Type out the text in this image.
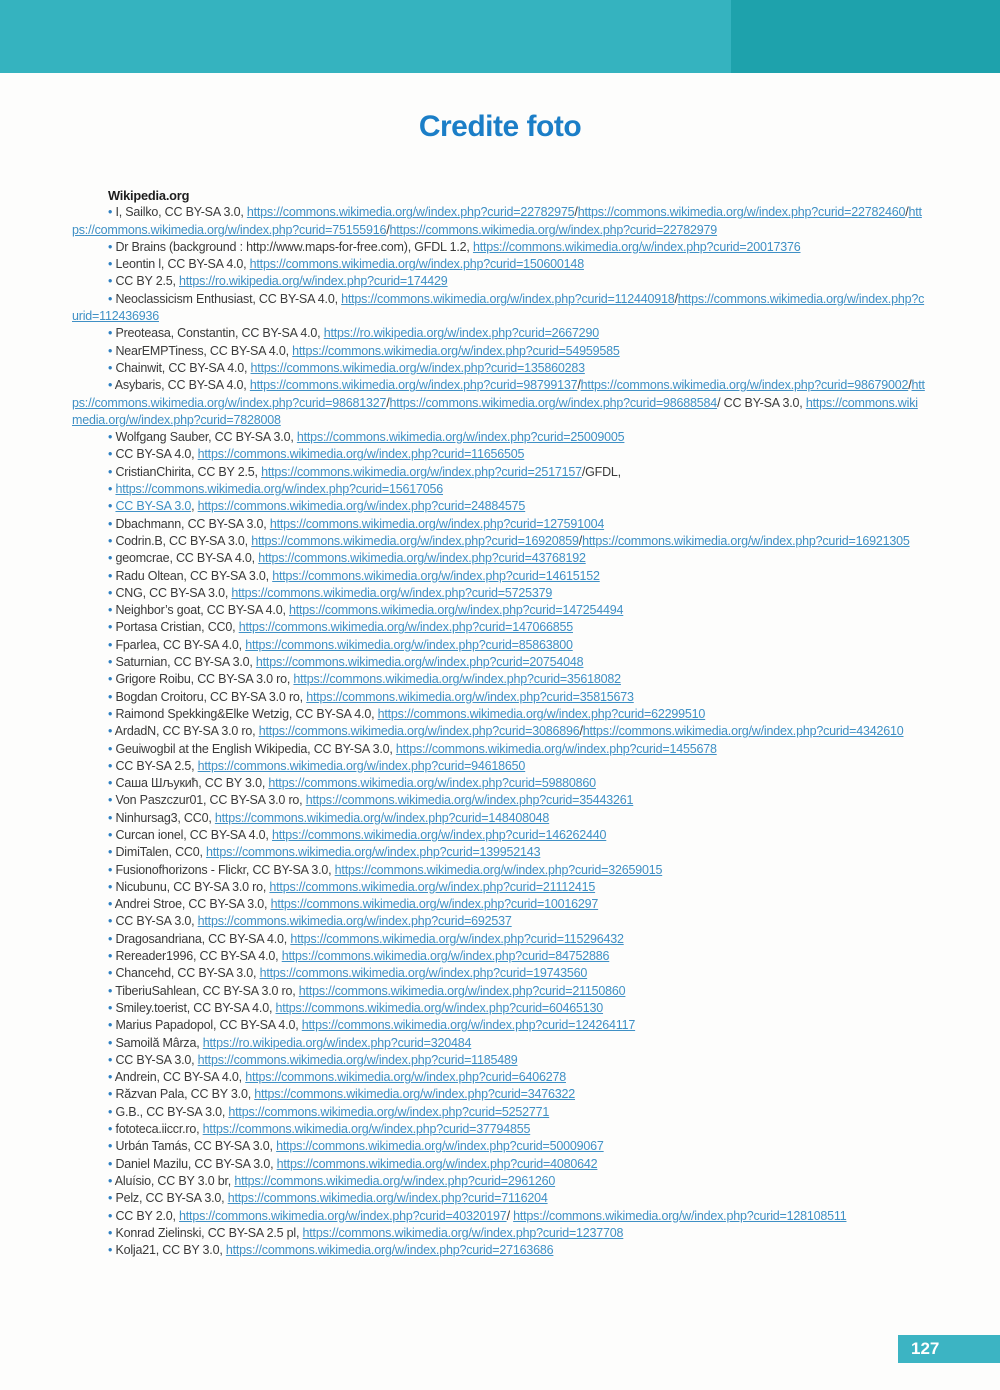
Credite foto

Wikipedia.org

• I, Sailko, CC BY-SA 3.0, https://commons.wikimedia.org/w/index.php?curid=22782975/https://commons.wikimedia.org/w/index.php?curid=22782460/https://commons.wikimedia.org/w/index.php?curid=75155916/https://commons.wikimedia.org/w/index.php?curid=22782979

• Dr Brains (background : http://www.maps-for-free.com), GFDL 1.2, https://commons.wikimedia.org/w/index.php?curid=20017376

• Leontin l, CC BY-SA 4.0, https://commons.wikimedia.org/w/index.php?curid=150600148

• CC BY 2.5, https://ro.wikipedia.org/w/index.php?curid=174429

• Neoclassicism Enthusiast, CC BY-SA 4.0, https://commons.wikimedia.org/w/index.php?curid=112440918/https://commons.wikimedia.org/w/index.php?curid=112436936

• Preoteasa, Constantin, CC BY-SA 4.0, https://ro.wikipedia.org/w/index.php?curid=2667290

• NearEMPTiness, CC BY-SA 4.0, https://commons.wikimedia.org/w/index.php?curid=54959585

• Chainwit, CC BY-SA 4.0, https://commons.wikimedia.org/w/index.php?curid=135860283

• Asybaris, CC BY-SA 4.0, https://commons.wikimedia.org/w/index.php?curid=98799137/https://commons.wikimedia.org/w/index.php?curid=98679002/https://commons.wikimedia.org/w/index.php?curid=98681327/https://commons.wikimedia.org/w/index.php?curid=98688584/ CC BY-SA 3.0, https://commons.wikimedia.org/w/index.php?curid=7828008

• Wolfgang Sauber, CC BY-SA 3.0, https://commons.wikimedia.org/w/index.php?curid=25009005

• CC BY-SA 4.0, https://commons.wikimedia.org/w/index.php?curid=11656505

• CristianChirita, CC BY 2.5, https://commons.wikimedia.org/w/index.php?curid=2517157/GFDL,

• https://commons.wikimedia.org/w/index.php?curid=15617056

• CC BY-SA 3.0, https://commons.wikimedia.org/w/index.php?curid=24884575

• Dbachmann, CC BY-SA 3.0, https://commons.wikimedia.org/w/index.php?curid=127591004

• Codrin.B, CC BY-SA 3.0, https://commons.wikimedia.org/w/index.php?curid=16920859/https://commons.wikimedia.org/w/index.php?curid=16921305

• geomcrae, CC BY-SA 4.0, https://commons.wikimedia.org/w/index.php?curid=43768192

• Radu Oltean, CC BY-SA 3.0, https://commons.wikimedia.org/w/index.php?curid=14615152

• CNG, CC BY-SA 3.0, https://commons.wikimedia.org/w/index.php?curid=5725379

• Neighbor’s goat, CC BY-SA 4.0, https://commons.wikimedia.org/w/index.php?curid=147254494

• Portasa Cristian, CC0, https://commons.wikimedia.org/w/index.php?curid=147066855

• Fparlea, CC BY-SA 4.0, https://commons.wikimedia.org/w/index.php?curid=85863800

• Saturnian, CC BY-SA 3.0, https://commons.wikimedia.org/w/index.php?curid=20754048

• Grigore Roibu, CC BY-SA 3.0 ro, https://commons.wikimedia.org/w/index.php?curid=35618082

• Bogdan Croitoru, CC BY-SA 3.0 ro, https://commons.wikimedia.org/w/index.php?curid=35815673

• Raimond Spekking&Elke Wetzig, CC BY-SA 4.0, https://commons.wikimedia.org/w/index.php?curid=62299510

• ArdadN, CC BY-SA 3.0 ro, https://commons.wikimedia.org/w/index.php?curid=3086896/https://commons.wikimedia.org/w/index.php?curid=4342610

• Geuiwogbil at the English Wikipedia, CC BY-SA 3.0, https://commons.wikimedia.org/w/index.php?curid=1455678

• CC BY-SA 2.5, https://commons.wikimedia.org/w/index.php?curid=94618650

• Саша Шљукић, CC BY 3.0, https://commons.wikimedia.org/w/index.php?curid=59880860

• Von Paszczur01, CC BY-SA 3.0 ro, https://commons.wikimedia.org/w/index.php?curid=35443261

• Ninhursag3, CC0, https://commons.wikimedia.org/w/index.php?curid=148408048

• Curcan ionel, CC BY-SA 4.0, https://commons.wikimedia.org/w/index.php?curid=146262440

• DimiTalen, CC0, https://commons.wikimedia.org/w/index.php?curid=139952143

• Fusionofhorizons - Flickr, CC BY-SA 3.0, https://commons.wikimedia.org/w/index.php?curid=32659015

• Nicubunu, CC BY-SA 3.0 ro, https://commons.wikimedia.org/w/index.php?curid=21112415

• Andrei Stroe, CC BY-SA 3.0, https://commons.wikimedia.org/w/index.php?curid=10016297

• CC BY-SA 3.0, https://commons.wikimedia.org/w/index.php?curid=692537

• Dragosandriana, CC BY-SA 4.0, https://commons.wikimedia.org/w/index.php?curid=115296432

• Rereader1996, CC BY-SA 4.0, https://commons.wikimedia.org/w/index.php?curid=84752886

• Chancehd, CC BY-SA 3.0, https://commons.wikimedia.org/w/index.php?curid=19743560

• TiberiuSahlean, CC BY-SA 3.0 ro, https://commons.wikimedia.org/w/index.php?curid=21150860

• Smiley.toerist, CC BY-SA 4.0, https://commons.wikimedia.org/w/index.php?curid=60465130

• Marius Papadopol, CC BY-SA 4.0, https://commons.wikimedia.org/w/index.php?curid=124264117

• Samoilă Mârza, https://ro.wikipedia.org/w/index.php?curid=320484

• CC BY-SA 3.0, https://commons.wikimedia.org/w/index.php?curid=1185489

• Andrein, CC BY-SA 4.0, https://commons.wikimedia.org/w/index.php?curid=6406278

• Răzvan Pala, CC BY 3.0, https://commons.wikimedia.org/w/index.php?curid=3476322

• G.B., CC BY-SA 3.0, https://commons.wikimedia.org/w/index.php?curid=5252771

• fototeca.iiccr.ro, https://commons.wikimedia.org/w/index.php?curid=37794855

• Urbán Tamás, CC BY-SA 3.0, https://commons.wikimedia.org/w/index.php?curid=50009067

• Daniel Mazilu, CC BY-SA 3.0, https://commons.wikimedia.org/w/index.php?curid=4080642

• Aluísio, CC BY 3.0 br, https://commons.wikimedia.org/w/index.php?curid=2961260

• Pelz, CC BY-SA 3.0, https://commons.wikimedia.org/w/index.php?curid=7116204

• CC BY 2.0, https://commons.wikimedia.org/w/index.php?curid=40320197/ https://commons.wikimedia.org/w/index.php?curid=128108511

• Konrad Zielinski, CC BY-SA 2.5 pl, https://commons.wikimedia.org/w/index.php?curid=1237708

• Kolja21, CC BY 3.0, https://commons.wikimedia.org/w/index.php?curid=27163686

127
